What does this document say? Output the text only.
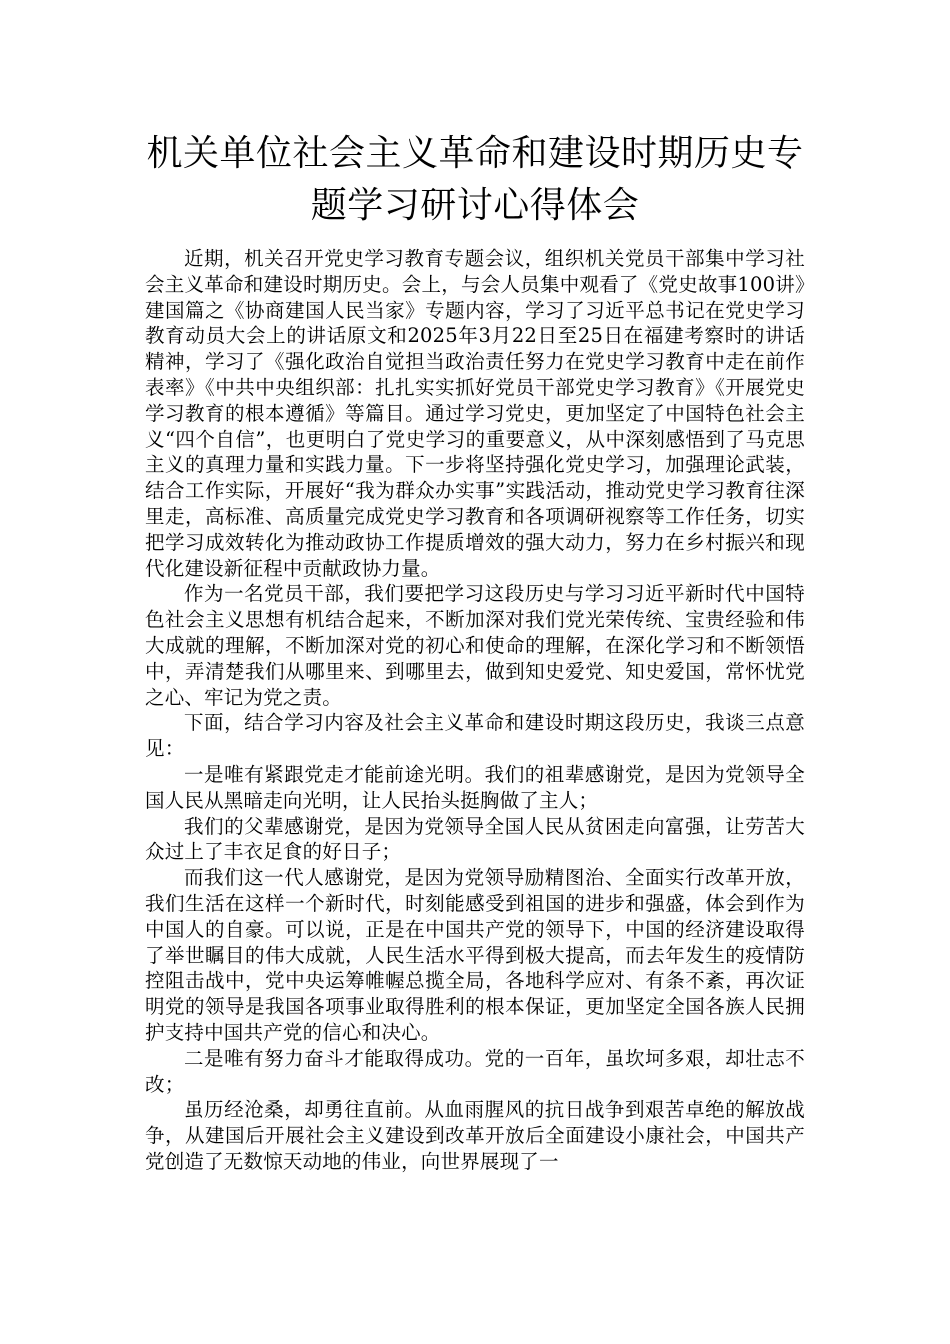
机关单位社会主义革命和建设时期历史专题学习研讨心得体会

近期，机关召开党史学习教育专题会议，组织机关党员干部集中学习社会主义革命和建设时期历史。会上，与会人员集中观看了《党史故事100讲》建国篇之《协商建国人民当家》专题内容，学习了习近平总书记在党史学习教育动员大会上的讲话原文和2025年3月22日至25日在福建考察时的讲话精神，学习了《强化政治自觉担当政治责任努力在党史学习教育中走在前作表率》《中共中央组织部：扎扎实实抓好党员干部党史学习教育》《开展党史学习教育的根本遵循》等篇目。通过学习党史，更加坚定了中国特色社会主义“四个自信”，也更明白了党史学习的重要意义，从中深刻感悟到了马克思主义的真理力量和实践力量。下一步将坚持强化党史学习，加强理论武装，结合工作实际，开展好“我为群众办实事”实践活动，推动党史学习教育往深里走，高标准、高质量完成党史学习教育和各项调研视察等工作任务，切实把学习成效转化为推动政协工作提质增效的强大动力，努力在乡村振兴和现代化建设新征程中贡献政协力量。

作为一名党员干部，我们要把学习这段历史与学习习近平新时代中国特色社会主义思想有机结合起来，不断加深对我们党光荣传统、宝贵经验和伟大成就的理解，不断加深对党的初心和使命的理解，在深化学习和不断领悟中，弄清楚我们从哪里来、到哪里去，做到知史爱党、知史爱国，常怀忧党之心、牢记为党之责。

下面，结合学习内容及社会主义革命和建设时期这段历史，我谈三点意见：

一是唯有紧跟党走才能前途光明。我们的祖辈感谢党，是因为党领导全国人民从黑暗走向光明，让人民抬头挺胸做了主人；

我们的父辈感谢党，是因为党领导全国人民从贫困走向富强，让劳苦大众过上了丰衣足食的好日子；

而我们这一代人感谢党，是因为党领导励精图治、全面实行改革开放，我们生活在这样一个新时代，时刻能感受到祖国的进步和强盛，体会到作为中国人的自豪。可以说，正是在中国共产党的领导下，中国的经济建设取得了举世瞩目的伟大成就，人民生活水平得到极大提高，而去年发生的疫情防控阻击战中，党中央运筹帷幄总揽全局，各地科学应对、有条不紊，再次证明党的领导是我国各项事业取得胜利的根本保证，更加坚定全国各族人民拥护支持中国共产党的信心和决心。

二是唯有努力奋斗才能取得成功。党的一百年，虽坎坷多艰，却壮志不改；

虽历经沧桑，却勇往直前。从血雨腥风的抗日战争到艰苦卓绝的解放战争，从建国后开展社会主义建设到改革开放后全面建设小康社会，中国共产党创造了无数惊天动地的伟业，向世界展现了一
